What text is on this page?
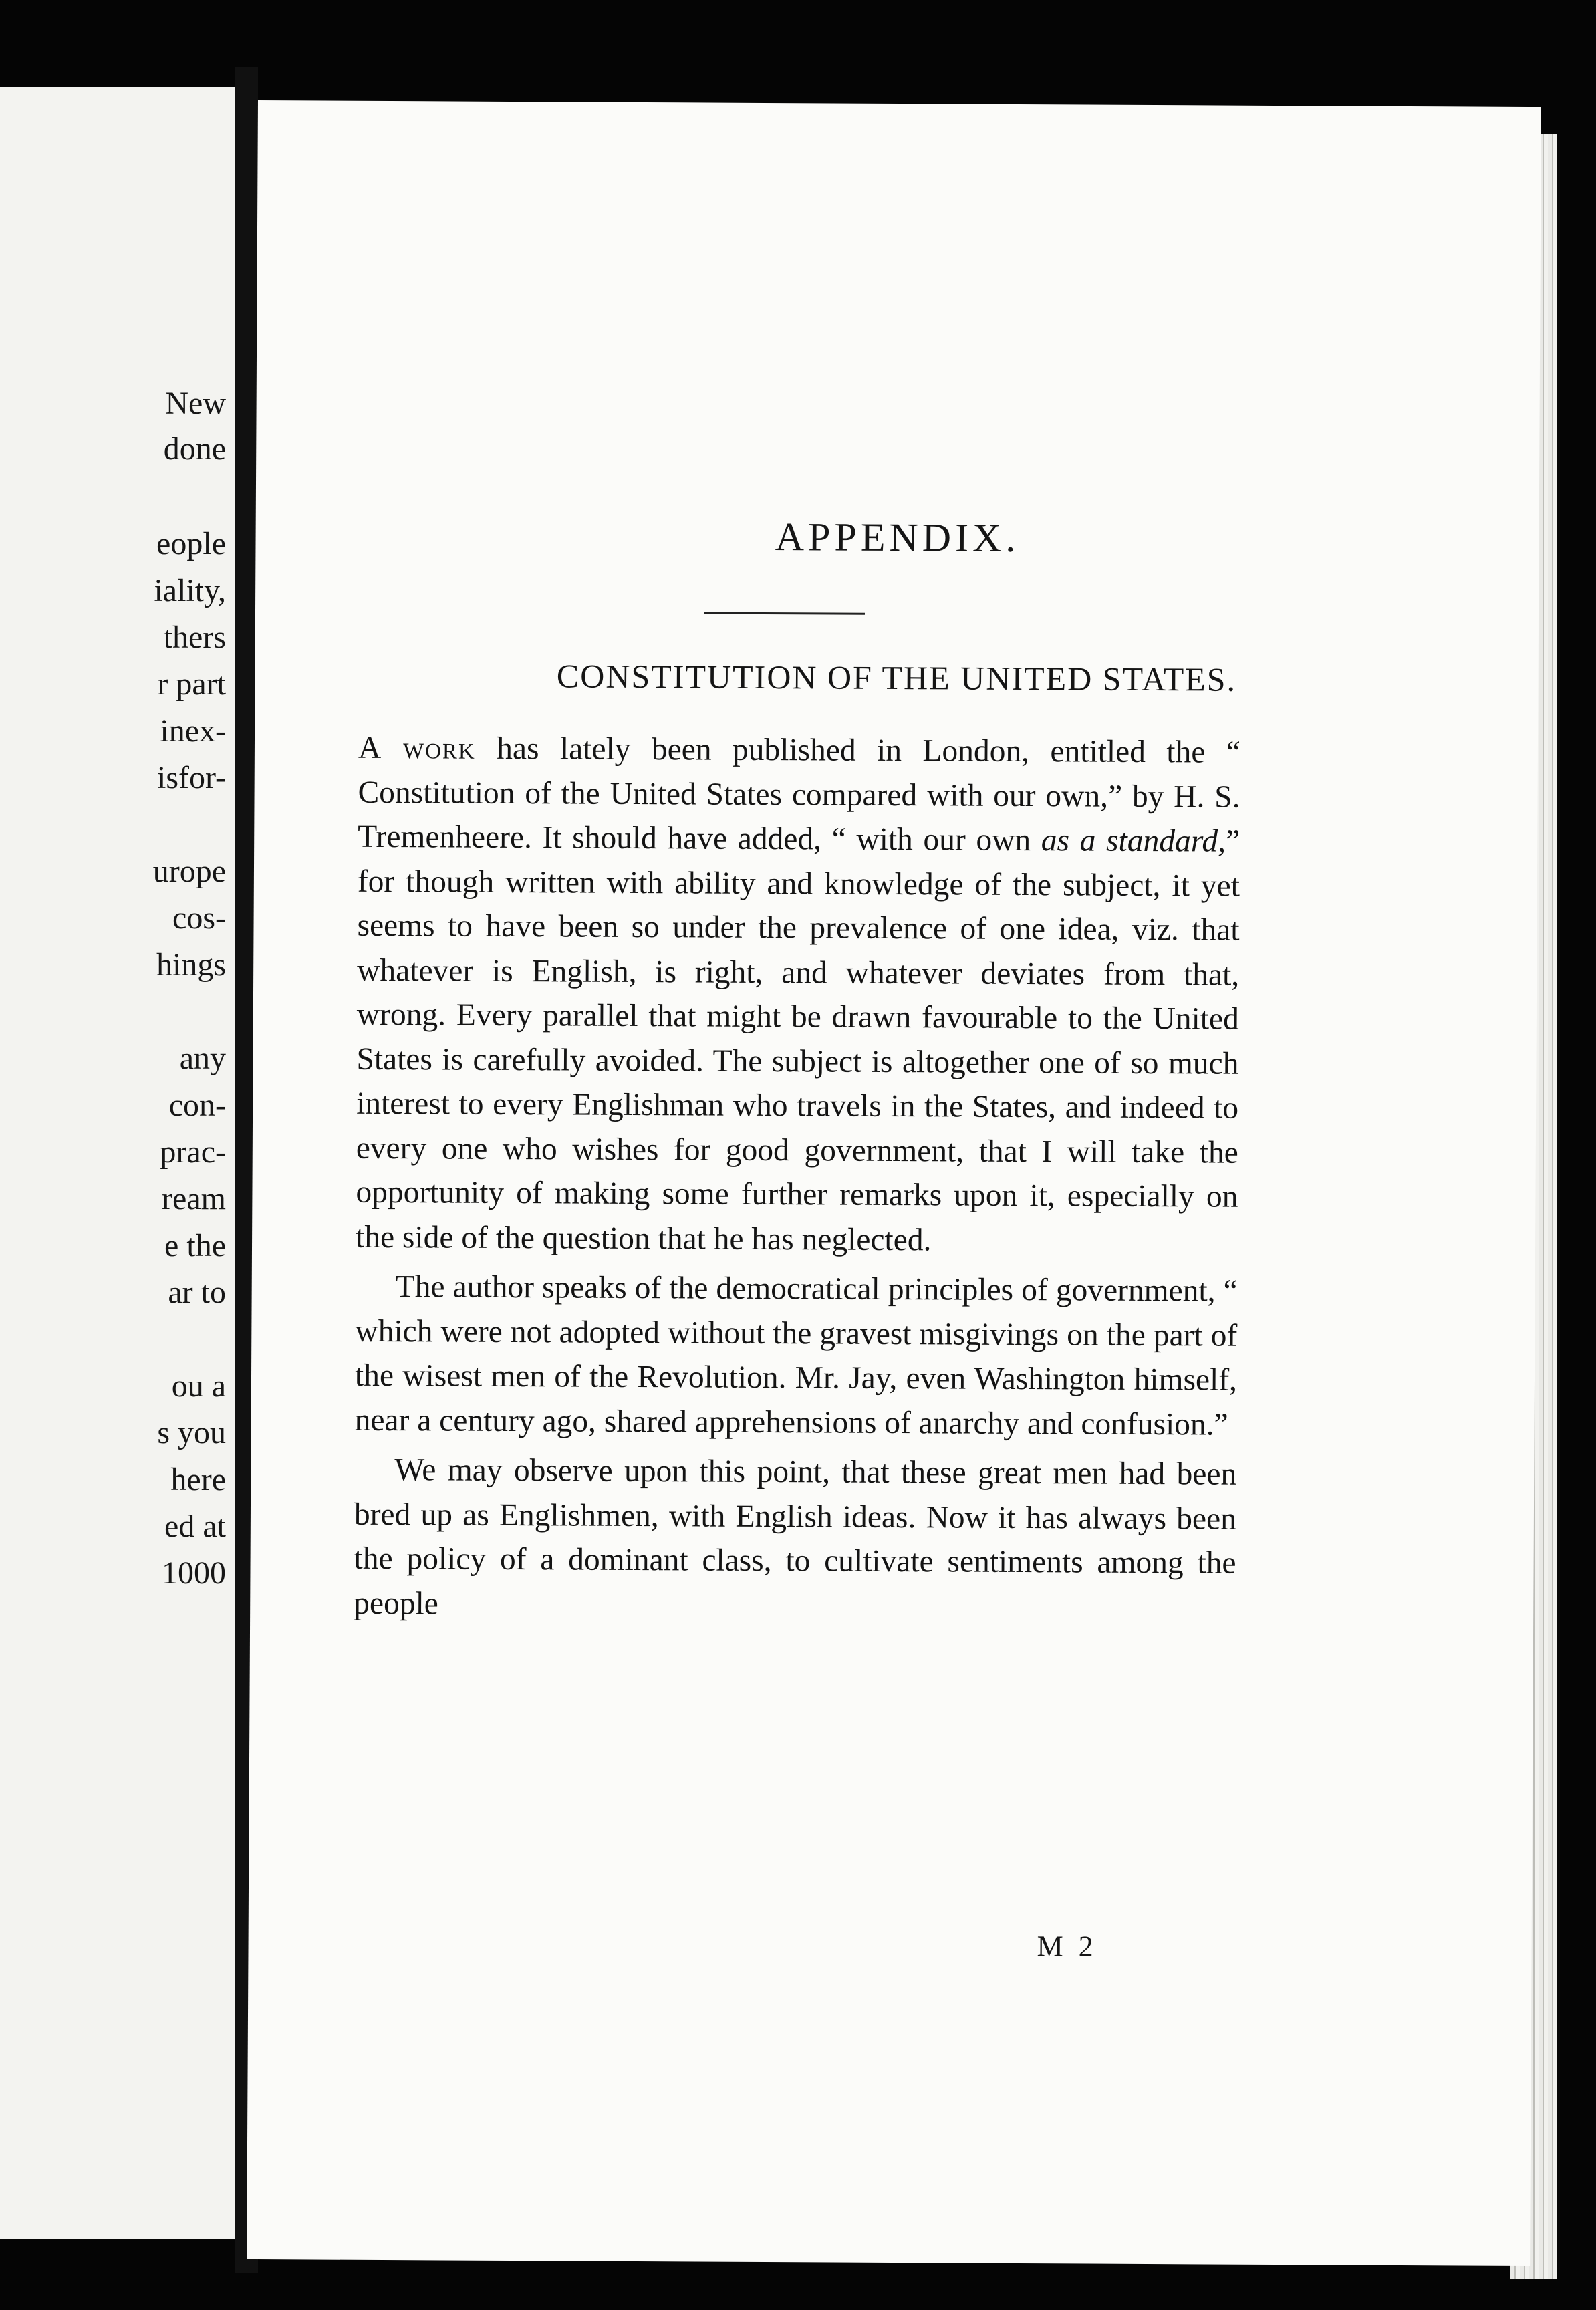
New
done
eople
iality,
thers
r part
inex-
isfor-
urope
cos-
hings
any
con-
prac-
ream
e the
ar to
ou a
s you
here
ed at
1000
APPENDIX.
CONSTITUTION OF THE UNITED STATES.

A work has lately been published in London, entitled the “ Constitution of the United States compared with our own,” by H. S. Tremenheere. It should have added, “ with our own as a standard,” for though written with ability and knowledge of the subject, it yet seems to have been so under the prevalence of one idea, viz. that whatever is English, is right, and whatever deviates from that, wrong. Every parallel that might be drawn favourable to the United States is carefully avoided. The subject is altogether one of so much interest to every Englishman who travels in the States, and indeed to every one who wishes for good government, that I will take the opportunity of making some further remarks upon it, especially on the side of the question that he has neglected.

The author speaks of the democratical principles of government, “ which were not adopted without the gravest misgivings on the part of the wisest men of the Revolution. Mr. Jay, even Washington himself, near a century ago, shared apprehensions of anarchy and confusion.”

We may observe upon this point, that these great men had been bred up as Englishmen, with English ideas. Now it has always been the policy of a dominant class, to cultivate sentiments among the people

M 2
